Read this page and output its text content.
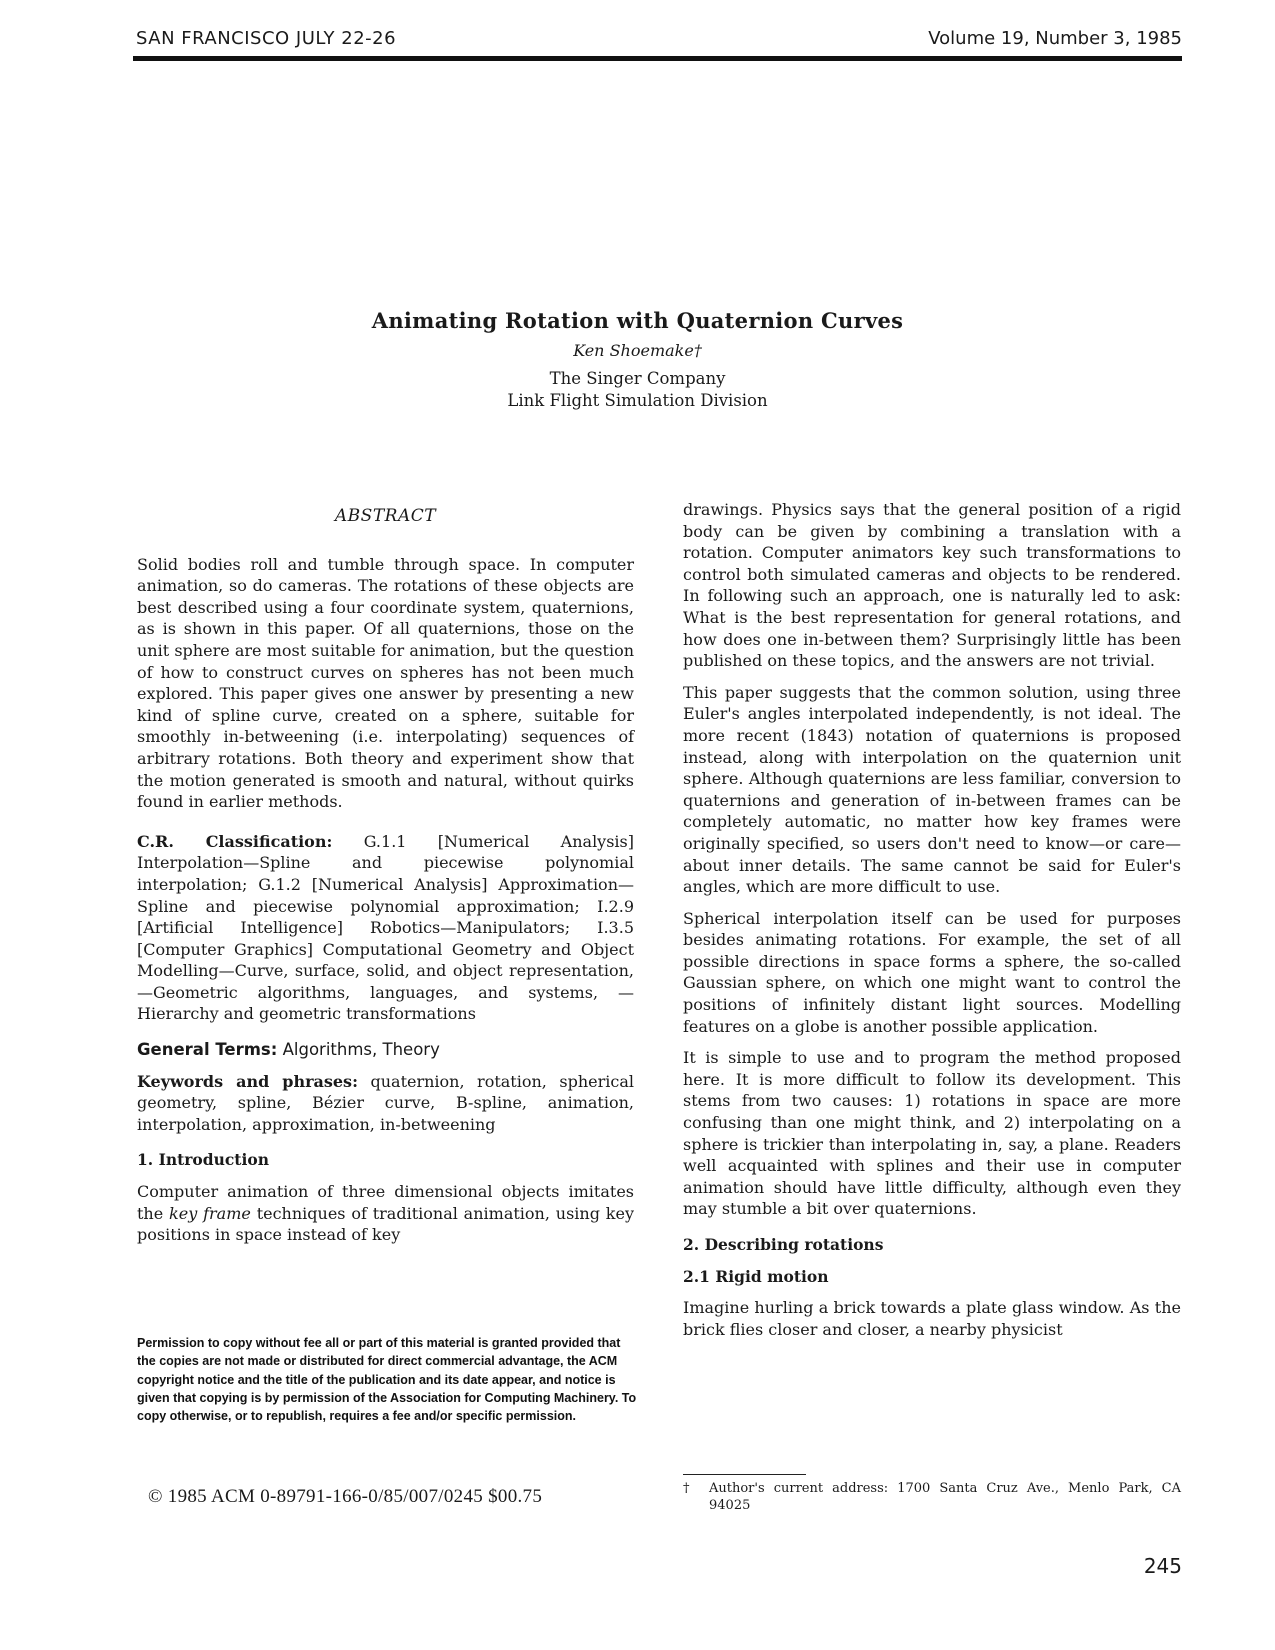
SAN FRANCISCO JULY 22-26	Volume 19, Number 3, 1985
Animating Rotation with Quaternion Curves
Ken Shoemake†
The Singer Company
Link Flight Simulation Division
ABSTRACT

Solid bodies roll and tumble through space. In computer animation, so do cameras. The rotations of these objects are best described using a four coordinate system, quaternions, as is shown in this paper. Of all quaternions, those on the unit sphere are most suitable for animation, but the question of how to construct curves on spheres has not been much explored. This paper gives one answer by presenting a new kind of spline curve, created on a sphere, suitable for smoothly in-betweening (i.e. interpolating) sequences of arbitrary rotations. Both theory and experiment show that the motion generated is smooth and natural, without quirks found in earlier methods.

C.R. Classification: G.1.1 [Numerical Analysis] Interpolation—Spline and piecewise polynomial interpolation; G.1.2 [Numerical Analysis] Approximation—Spline and piecewise polynomial approximation; I.2.9 [Artificial Intelligence] Robotics—Manipulators; I.3.5 [Computer Graphics] Computational Geometry and Object Modelling—Curve, surface, solid, and object representation, —Geometric algorithms, languages, and systems, —Hierarchy and geometric transformations

General Terms: Algorithms, Theory

Keywords and phrases: quaternion, rotation, spherical geometry, spline, Bézier curve, B-spline, animation, interpolation, approximation, in-betweening

1. Introduction

Computer animation of three dimensional objects imitates the key frame techniques of traditional animation, using key positions in space instead of key

Permission to copy without fee all or part of this material is granted provided that the copies are not made or distributed for direct commercial advantage, the ACM copyright notice and the title of the publication and its date appear, and notice is given that copying is by permission of the Association for Computing Machinery. To copy otherwise, or to republish, requires a fee and/or specific permission.
© 1985 ACM 0-89791-166-0/85/007/0245 $00.75

drawings. Physics says that the general position of a rigid body can be given by combining a translation with a rotation. Computer animators key such transformations to control both simulated cameras and objects to be rendered. In following such an approach, one is naturally led to ask: What is the best representation for general rotations, and how does one in-between them? Surprisingly little has been published on these topics, and the answers are not trivial.

This paper suggests that the common solution, using three Euler's angles interpolated independently, is not ideal. The more recent (1843) notation of quaternions is proposed instead, along with interpolation on the quaternion unit sphere. Although quaternions are less familiar, conversion to quaternions and generation of in-between frames can be completely automatic, no matter how key frames were originally specified, so users don't need to know—or care—about inner details. The same cannot be said for Euler's angles, which are more difficult to use.

Spherical interpolation itself can be used for purposes besides animating rotations. For example, the set of all possible directions in space forms a sphere, the so-called Gaussian sphere, on which one might want to control the positions of infinitely distant light sources. Modelling features on a globe is another possible application.

It is simple to use and to program the method proposed here. It is more difficult to follow its development. This stems from two causes: 1) rotations in space are more confusing than one might think, and 2) interpolating on a sphere is trickier than interpolating in, say, a plane. Readers well acquainted with splines and their use in computer animation should have little difficulty, although even they may stumble a bit over quaternions.

2. Describing rotations
2.1 Rigid motion

Imagine hurling a brick towards a plate glass window. As the brick flies closer and closer, a nearby physicist

† Author's current address: 1700 Santa Cruz Ave., Menlo Park, CA 94025
245
